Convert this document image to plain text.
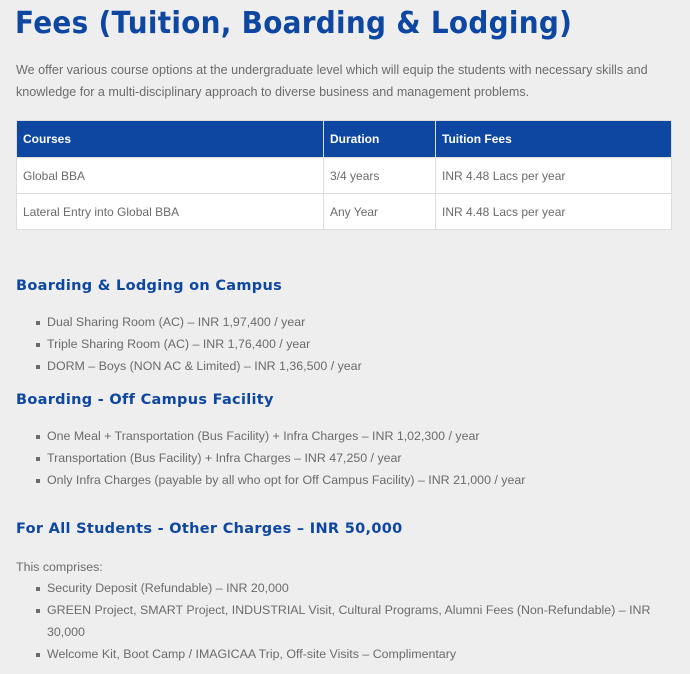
Fees (Tuition, Boarding & Lodging)

We offer various course options at the undergraduate level which will equip the students with necessary skills and knowledge for a multi-disciplinary approach to diverse business and management problems.

Courses	Duration	Tuition Fees
Global BBA	3/4 years	INR 4.48 Lacs per year
Lateral Entry into Global BBA	Any Year	INR 4.48 Lacs per year
Boarding & Lodging on Campus
Dual Sharing Room (AC) – INR 1,97,400 / year
Triple Sharing Room (AC) – INR 1,76,400 / year
DORM – Boys (NON AC & Limited) – INR 1,36,500 / year
Boarding - Off Campus Facility
One Meal + Transportation (Bus Facility) + Infra Charges – INR 1,02,300 / year
Transportation (Bus Facility) + Infra Charges – INR 47,250 / year
Only Infra Charges (payable by all who opt for Off Campus Facility) – INR 21,000 / year
For All Students - Other Charges – INR 50,000

This comprises:

Security Deposit (Refundable) – INR 20,000
GREEN Project, SMART Project, INDUSTRIAL Visit, Cultural Programs, Alumni Fees (Non-Refundable) – INR 30,000
Welcome Kit, Boot Camp / IMAGICAA Trip, Off-site Visits – Complimentary
